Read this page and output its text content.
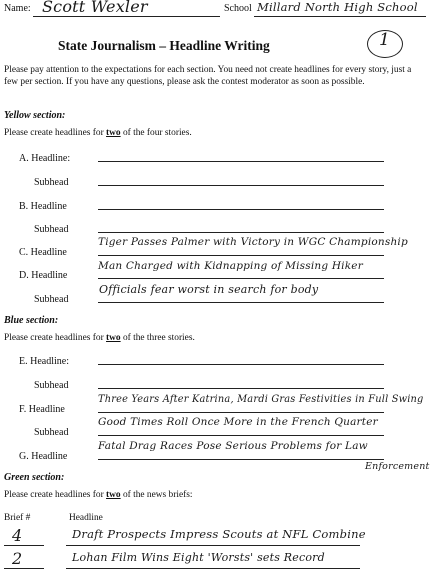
Name: Scott Wexler	School Millard North High School
1
State Journalism – Headline Writing
Please pay attention to the expectations for each section. You need not create headlines for every story, just a few per section. If you have any questions, please ask the contest moderator as soon as possible.
Yellow section:
Please create headlines for two of the four stories.
A. Headline:
Subhead
B. Headline
Subhead
C. Headline
Tiger Passes Palmer with Victory in WGC Championship
D. Headline
Man Charged with Kidnapping of Missing Hiker
Subhead
Officials fear worst in search for body
Blue section:
Please create headlines for two of the three stories.
E. Headline:
Subhead
F. Headline
Three Years After Katrina, Mardi Gras Festivities in Full Swing
Subhead
Good Times Roll Once More in the French Quarter
G. Headline
Fatal Drag Races Pose Serious Problems for Law
Enforcement
Green section:
Please create headlines for two of the news briefs:
Brief #	Headline
4	Draft Prospects Impress Scouts at NFL Combine
2	Lohan Film Wins Eight 'Worsts' sets Record
